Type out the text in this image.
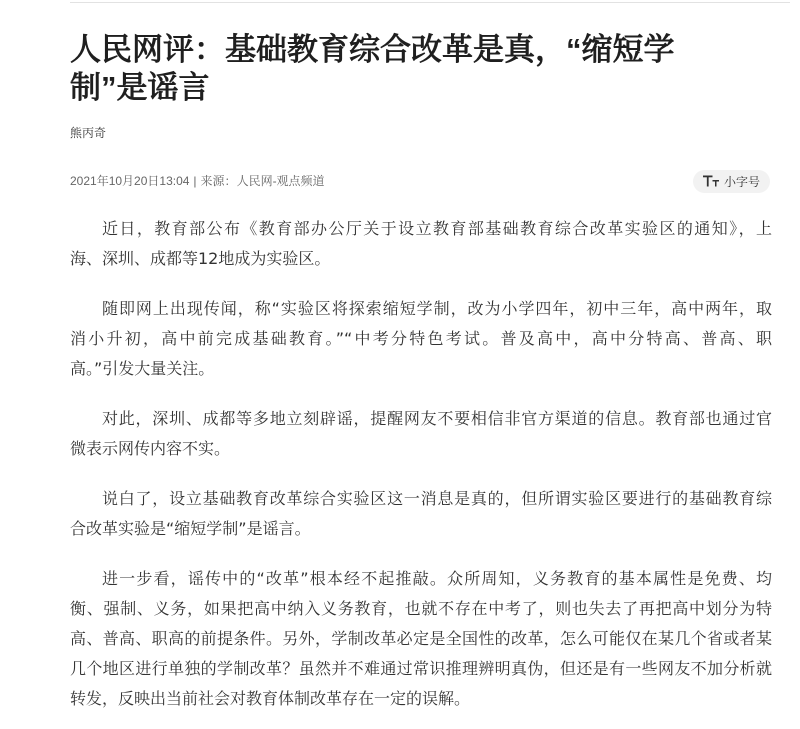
人民网评：基础教育综合改革是真，“缩短学
制”是谣言
熊丙奇
2021年10月20日13:04 | 来源：人民网-观点频道	小字号

近日，教育部公布《教育部办公厅关于设立教育部基础教育综合改革实验区的通知》，上
海、深圳、成都等12地成为实验区。

随即网上出现传闻，称“实验区将探索缩短学制，改为小学四年，初中三年，高中两年，取
消小升初，高中前完成基础教育。”“中考分特色考试。普及高中，高中分特高、普高、职
高。”引发大量关注。

对此，深圳、成都等多地立刻辟谣，提醒网友不要相信非官方渠道的信息。教育部也通过官
微表示网传内容不实。

说白了，设立基础教育改革综合实验区这一消息是真的，但所谓实验区要进行的基础教育综
合改革实验是“缩短学制”是谣言。

进一步看，谣传中的“改革”根本经不起推敲。众所周知，义务教育的基本属性是免费、均
衡、强制、义务，如果把高中纳入义务教育，也就不存在中考了，则也失去了再把高中划分为特
高、普高、职高的前提条件。另外，学制改革必定是全国性的改革，怎么可能仅在某几个省或者某
几个地区进行单独的学制改革？虽然并不难通过常识推理辨明真伪，但还是有一些网友不加分析就
转发，反映出当前社会对教育体制改革存在一定的误解。
